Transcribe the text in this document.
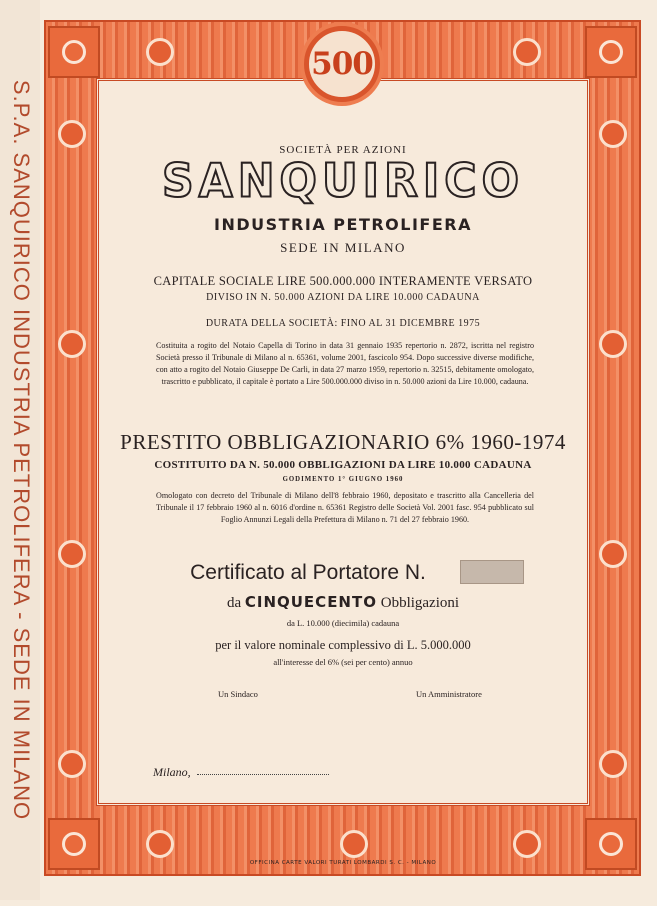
S.P.A. SANQUIRICO INDUSTRIA PETROLIFERA - SEDE IN MILANO
500
SOCIETÀ PER AZIONI
SANQUIRICO
INDUSTRIA PETROLIFERA
SEDE IN MILANO
CAPITALE SOCIALE LIRE 500.000.000 INTERAMENTE VERSATO
DIVISO IN N. 50.000 AZIONI DA LIRE 10.000 CADAUNA
DURATA DELLA SOCIETÀ: FINO AL 31 DICEMBRE 1975
Costituita a rogito del Notaio Capella di Torino in data 31 gennaio 1935 repertorio n. 2872, iscritta nel registro Società presso il Tribunale di Milano al n. 65361, volume 2001, fascicolo 954. Dopo successive diverse modifiche, con atto a rogito del Notaio Giuseppe De Carli, in data 27 marzo 1959, repertorio n. 32515, debitamente omologato, trascritto e pubblicato, il capitale è portato a Lire 500.000.000 diviso in n. 50.000 azioni da Lire 10.000, cadauna.
PRESTITO OBBLIGAZIONARIO 6% 1960-1974
COSTITUITO DA N. 50.000 OBBLIGAZIONI DA LIRE 10.000 CADAUNA
GODIMENTO 1° GIUGNO 1960
Omologato con decreto del Tribunale di Milano dell'8 febbraio 1960, depositato e trascritto alla Cancelleria del Tribunale il 17 febbraio 1960 al n. 6016 d'ordine n. 65361 Registro delle Società Vol. 2001 fasc. 954 pubblicato sul Foglio Annunzi Legali della Prefettura di Milano n. 71 del 27 febbraio 1960.
Certificato al Portatore N.
da CINQUECENTO Obbligazioni
da L. 10.000 (diecimila) cadauna
per il valore nominale complessivo di L. 5.000.000
all'interesse del 6% (sei per cento) annuo
Un Sindaco	Un Amministratore
Milano,
OFFICINA CARTE VALORI TURATI LOMBARDI S. C. - MILANO
